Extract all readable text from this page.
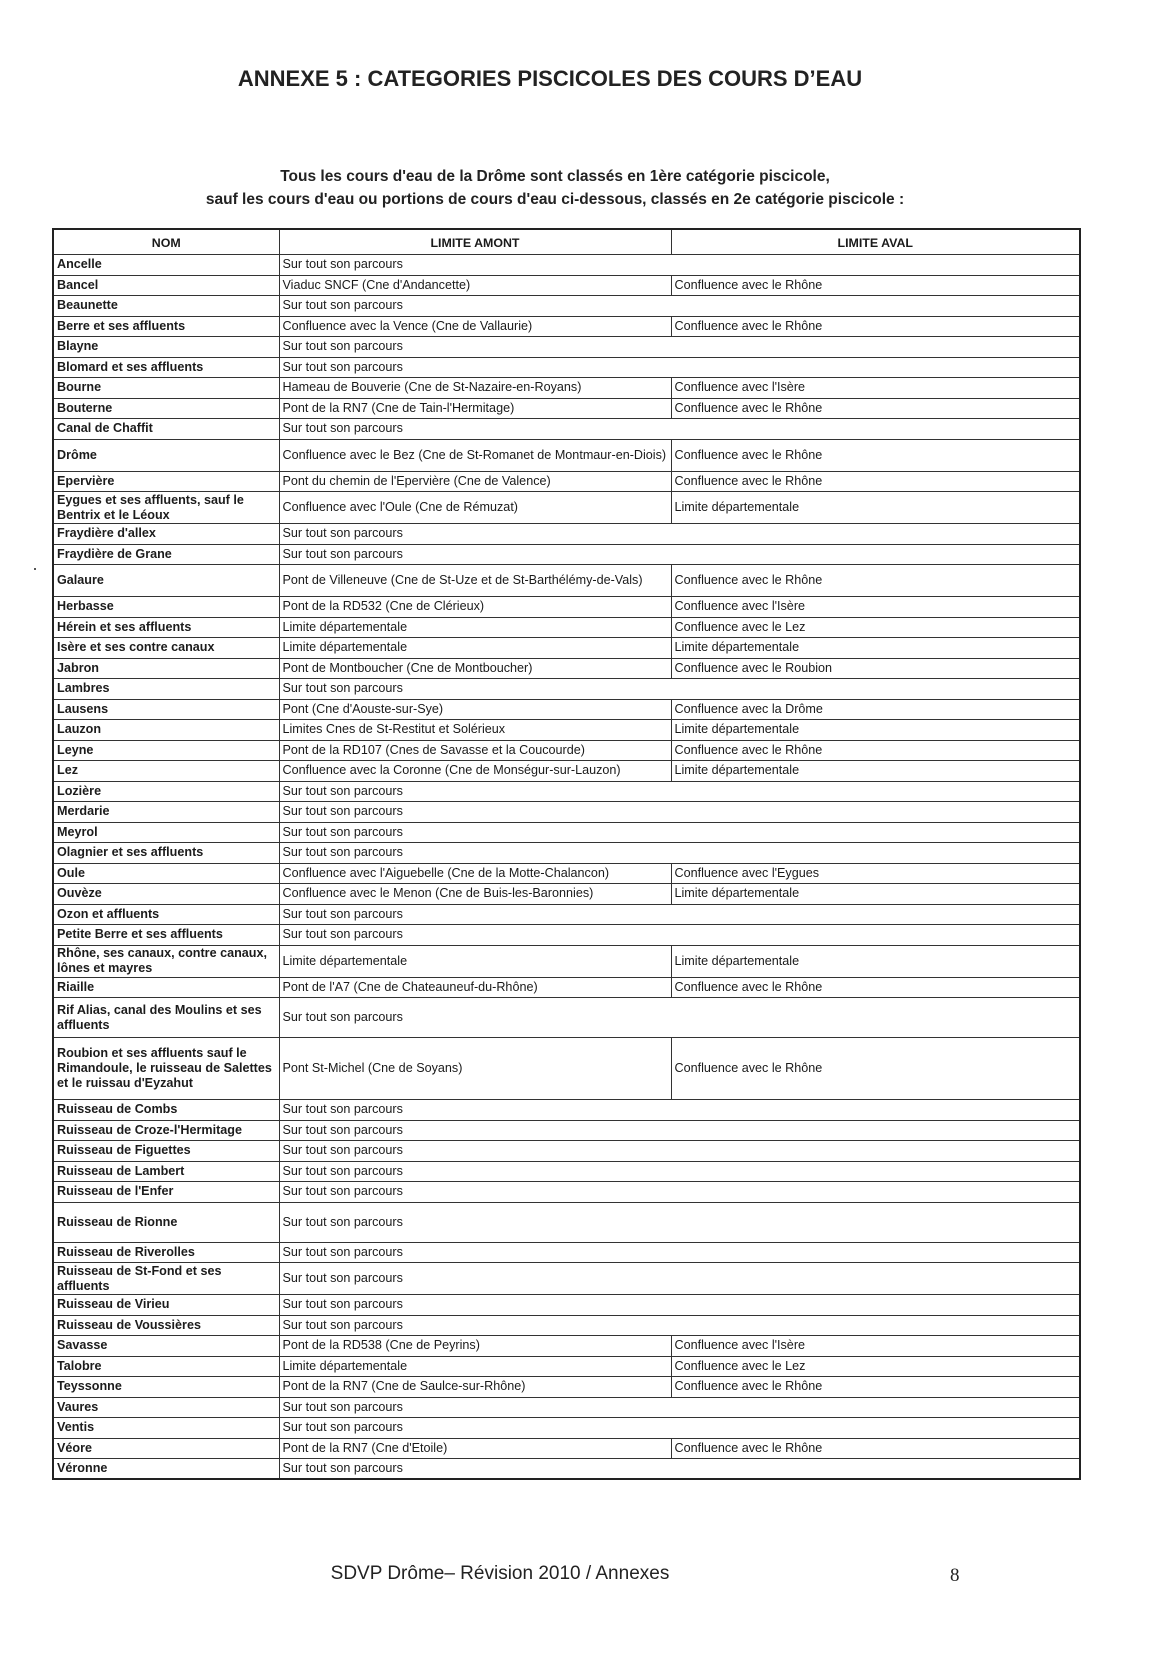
ANNEXE 5 : CATEGORIES PISCICOLES DES COURS D’EAU
Tous les cours d'eau de la Drôme sont classés en 1ère catégorie piscicole,
sauf les cours d'eau ou portions de cours d'eau ci-dessous, classés en 2e catégorie piscicole :
NOM	LIMITE AMONT	LIMITE AVAL
Ancelle	Sur tout son parcours	
Bancel	Viaduc SNCF (Cne d'Andancette)	Confluence avec le Rhône
Beaunette	Sur tout son parcours	
Berre et ses affluents	Confluence avec la Vence (Cne de Vallaurie)	Confluence avec le Rhône
Blayne	Sur tout son parcours	
Blomard et ses affluents	Sur tout son parcours	
Bourne	Hameau de Bouverie (Cne de St-Nazaire-en-Royans)	Confluence avec l'Isère
Bouterne	Pont de la RN7 (Cne de Tain-l'Hermitage)	Confluence avec le Rhône
Canal de Chaffit	Sur tout son parcours	
Drôme	Confluence avec le Bez (Cne de St-Romanet de Montmaur-en-Diois)	Confluence avec le Rhône
Epervière	Pont du chemin de l'Epervière (Cne de Valence)	Confluence avec le Rhône
Eygues et ses affluents, sauf le Bentrix et le Léoux	Confluence avec l'Oule (Cne de Rémuzat)	Limite départementale
Fraydière d'allex	Sur tout son parcours	
Fraydière de Grane	Sur tout son parcours	
Galaure	Pont de Villeneuve (Cne de St-Uze et de St-Barthélémy-de-Vals)	Confluence avec le Rhône
Herbasse	Pont de la RD532 (Cne de Clérieux)	Confluence avec l'Isère
Hérein et ses affluents	Limite départementale	Confluence avec le Lez
Isère et ses contre canaux	Limite départementale	Limite départementale
Jabron	Pont de Montboucher (Cne de Montboucher)	Confluence avec le Roubion
Lambres	Sur tout son parcours	
Lausens	Pont (Cne d'Aouste-sur-Sye)	Confluence avec la Drôme
Lauzon	Limites Cnes de St-Restitut et Solérieux	Limite départementale
Leyne	Pont de la RD107 (Cnes de Savasse et la Coucourde)	Confluence avec le Rhône
Lez	Confluence avec la Coronne (Cne de Monségur-sur-Lauzon)	Limite départementale
Lozière	Sur tout son parcours	
Merdarie	Sur tout son parcours	
Meyrol	Sur tout son parcours	
Olagnier et ses affluents	Sur tout son parcours	
Oule	Confluence avec l'Aiguebelle (Cne de la Motte-Chalancon)	Confluence avec l'Eygues
Ouvèze	Confluence avec le Menon (Cne de Buis-les-Baronnies)	Limite départementale
Ozon et affluents	Sur tout son parcours	
Petite Berre et ses affluents	Sur tout son parcours	
Rhône, ses canaux, contre canaux, lônes et mayres	Limite départementale	Limite départementale
Riaille	Pont de l'A7 (Cne de Chateauneuf-du-Rhône)	Confluence avec le Rhône
Rif Alias, canal des Moulins et ses affluents	Sur tout son parcours	
Roubion et ses affluents sauf le Rimandoule, le ruisseau de Salettes et le ruissau d'Eyzahut	Pont St-Michel (Cne de Soyans)	Confluence avec le Rhône
Ruisseau de Combs	Sur tout son parcours	
Ruisseau de Croze-l'Hermitage	Sur tout son parcours	
Ruisseau de Figuettes	Sur tout son parcours	
Ruisseau de Lambert	Sur tout son parcours	
Ruisseau de l'Enfer	Sur tout son parcours	
Ruisseau de Rionne	Sur tout son parcours	
Ruisseau de Riverolles	Sur tout son parcours	
Ruisseau de St-Fond et ses affluents	Sur tout son parcours	
Ruisseau de Virieu	Sur tout son parcours	
Ruisseau de Voussières	Sur tout son parcours	
Savasse	Pont de la RD538 (Cne de Peyrins)	Confluence avec l'Isère
Talobre	Limite départementale	Confluence avec le Lez
Teyssonne	Pont de la RN7 (Cne de Saulce-sur-Rhône)	Confluence avec le Rhône
Vaures	Sur tout son parcours	
Ventis	Sur tout son parcours	
Véore	Pont de la RN7 (Cne d'Etoile)	Confluence avec le Rhône
Véronne	Sur tout son parcours	
SDVP Drôme– Révision 2010 / Annexes	8
